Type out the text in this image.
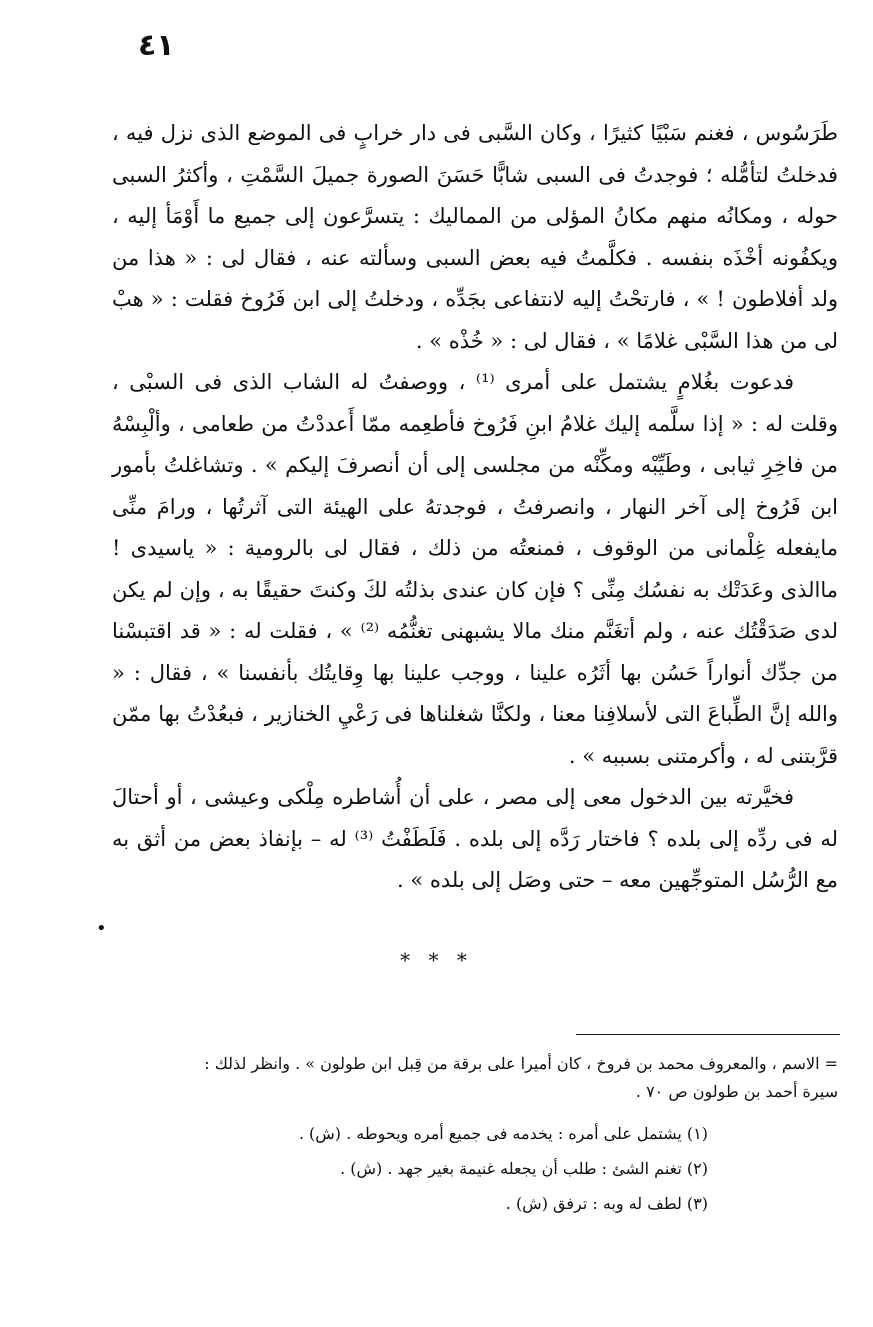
٤١

طَرَسُوس ، فغنم سَبْيًا كثيرًا ، وكان السَّبى فى دار خرابٍ فى الموضع الذى نزل فيه ، فدخلتُ لتأمُّله ؛ فوجدتُ فى السبى شابًّا حَسَنَ الصورة جميلَ السَّمْتِ ، وأكثرُ السبى حوله ، ومكانُه منهم مكانُ المؤلى من المماليك : يتسرَّعون إلى جميع ما أَوْمَأ إليه ، ويكفُونه أخْذَه بنفسه . فكلَّمتُ فيه بعض السبى وسألته عنه ، فقال لى : « هذا من ولد أفلاطون ! » ، فارتحْتُ إليه لانتفاعى بجَدِّه ، ودخلتُ إلى ابن فَرُوخ فقلت : « هبْ لى من هذا السَّبْى غلامًا » ، فقال لى : « خُذْه » .

فدعوت بغُلامٍ يشتمل على أمرى ⁽¹⁾ ، ووصفتُ له الشاب الذى فى السبْى ، وقلت له : « إذا سلَّمه إليك غلامُ ابنِ فَرُوخ فأطعِمه ممّا أَعددْتُ من طعامى ، وألْبِسْهُ من فاخِرِ ثيابى ، وطَيِّبْه ومكِّنْه من مجلسى إلى أن أنصرفَ إليكم » . وتشاغلتُ بأمور ابن فَرُوخ إلى آخر النهار ، وانصرفتُ ، فوجدتهُ على الهيئة التى آثرتُها ، ورامَ منِّى مايفعله غِلْمانى من الوقوف ، فمنعتُه من ذلك ، فقال لى بالرومية : « ياسيدى ! ماالذى وعَدَتْك به نفسُك مِنِّى ؟ فإن كان عندى بذلتُه لكَ وكنتَ حقيقًا به ، وإن لم يكن لدى صَدَقْتُك عنه ، ولم أتغَنَّم منك مالا يشبهنى تغنُّمُه ⁽²⁾ » ، فقلت له : « قد اقتبسْنا من جدِّك أنواراً حَسُن بها أثَرُه علينا ، ووجب علينا بها وِقايتُك بأنفسنا » ، فقال : « والله إنَّ الطِّباعَ التى لأسلافِنا معنا ، ولكنَّا شغلناها فى رَعْيِ الخنازير ، فبعُدْتُ بها ممّن قرَّبتنى له ، وأكرمتنى بسببه » .

فخيَّرته بين الدخول معى إلى مصر ، على أن أُشاطره مِلْكى وعيشى ، أو أحتالَ له فى ردِّه إلى بلده ؟ فاختار رَدَّه إلى بلده . فَلَطَفْتُ ⁽³⁾ له – بإنفاذ بعض من أثق به مع الرُّسُل المتوجِّهين معه – حتى وصَل إلى بلده » .

•
* * *

= الاسم ، والمعروف محمد بن فروخ ، كان أميرا على برقة من قِبل ابن طولون » . وانظر لذلك :

سيرة أحمد بن طولون ص ٧٠ .

(١) يشتمل على أمره : يخدمه فى جميع أمره ويحوطه . (ش) .

(٢) تغنم الشئ : طلب أن يجعله غنيمة بغير جهد . (ش) .

(٣) لطف له وبه : ترفق (ش) .
